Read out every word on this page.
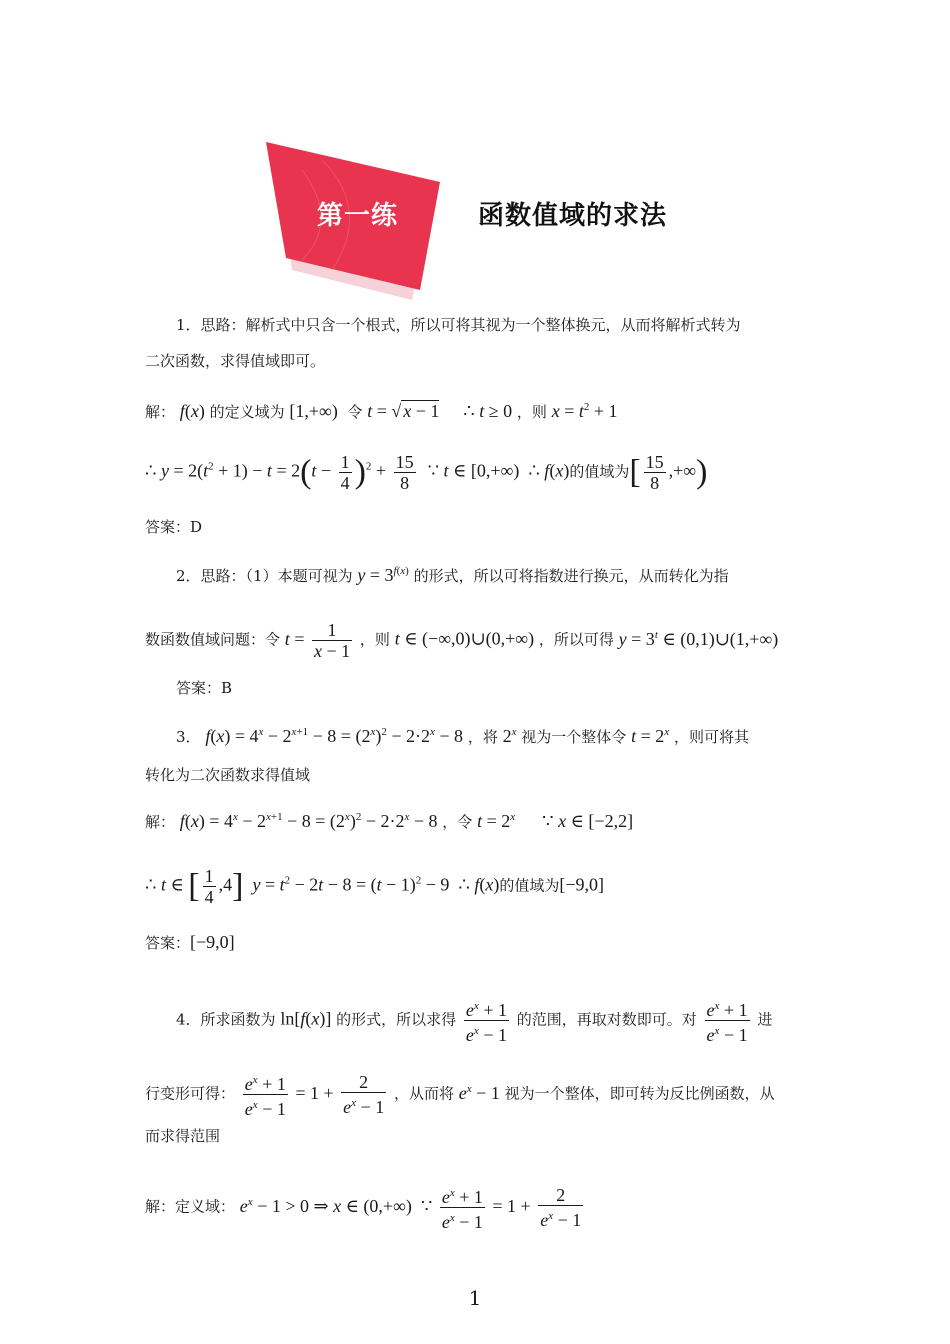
第一练	函数值域的求法
1．思路：解析式中只含一个根式，所以可将其视为一个整体换元，从而将解析式转为
二次函数，求得值域即可。
解： f(x) 的定义域为 [1,+∞) 令 t = √ x − 1 ∴ t ≥ 0 ，则 $x = t^2 + 1$
∴ $y = 2(t^2 + 1) - t = 2(t - \frac{1}{4} )^2 + \frac{15}{8}$ ∵ t ∈ [0,+∞)  ∴ f(x)的值域为[ $\frac{15}{8}$ ,+∞)
答案：D
2．思路：（1）本题可视为 $y = 3^{f(x)}$ 的形式，所以可将指数进行换元，从而转化为指
数函数值域问题：令 $t = \frac{1}{x - 1}$ ，则 t ∈ (−∞,0)∪(0,+∞) ，所以可得 $y = 3^t$ ∈ (0,1)∪(1,+∞)
答案：B
3． $f(x) = 4^x - 2^{x+1} - 8 = (2^x)^2 - 2\cdot 2^x - 8$ ，将 2$^x$ 视为一个整体令 $t = 2^x$ ，则可将其
转化为二次函数求得值域
解： $f(x) = 4^x - 2^{x+1} - 8 = (2^x)^2 - 2\cdot 2^x - 8$ ，令 $t = 2^x$      ∵ x ∈ [−2,2]
∴ t ∈ [ $\frac{1}{4} ,4$] $y = t^2 - 2t - 8 = (t - 1)^2 - 9$  ∴ f(x)的值域为[−9,0]
答案：[−9,0]
4．所求函数为 ln[f(x)] 的形式，所以求得 $\frac{e^x + 1}{e^x - 1}$ 的范围，再取对数即可。对 $\frac{e^x + 1}{e^x - 1}$ 进
行变形可得： $\frac{e^x + 1}{e^x - 1} = 1 + \frac{2}{e^x - 1}$ ，从而将 $e^x - 1$ 视为一个整体，即可转为反比例函数，从
而求得范围
解：定义域： $e^x - 1 > 0$ ⇒ x ∈ (0,+∞)  ∵ $\frac{e^x + 1}{e^x - 1} = 1 + \frac{2}{e^x - 1}$
1
